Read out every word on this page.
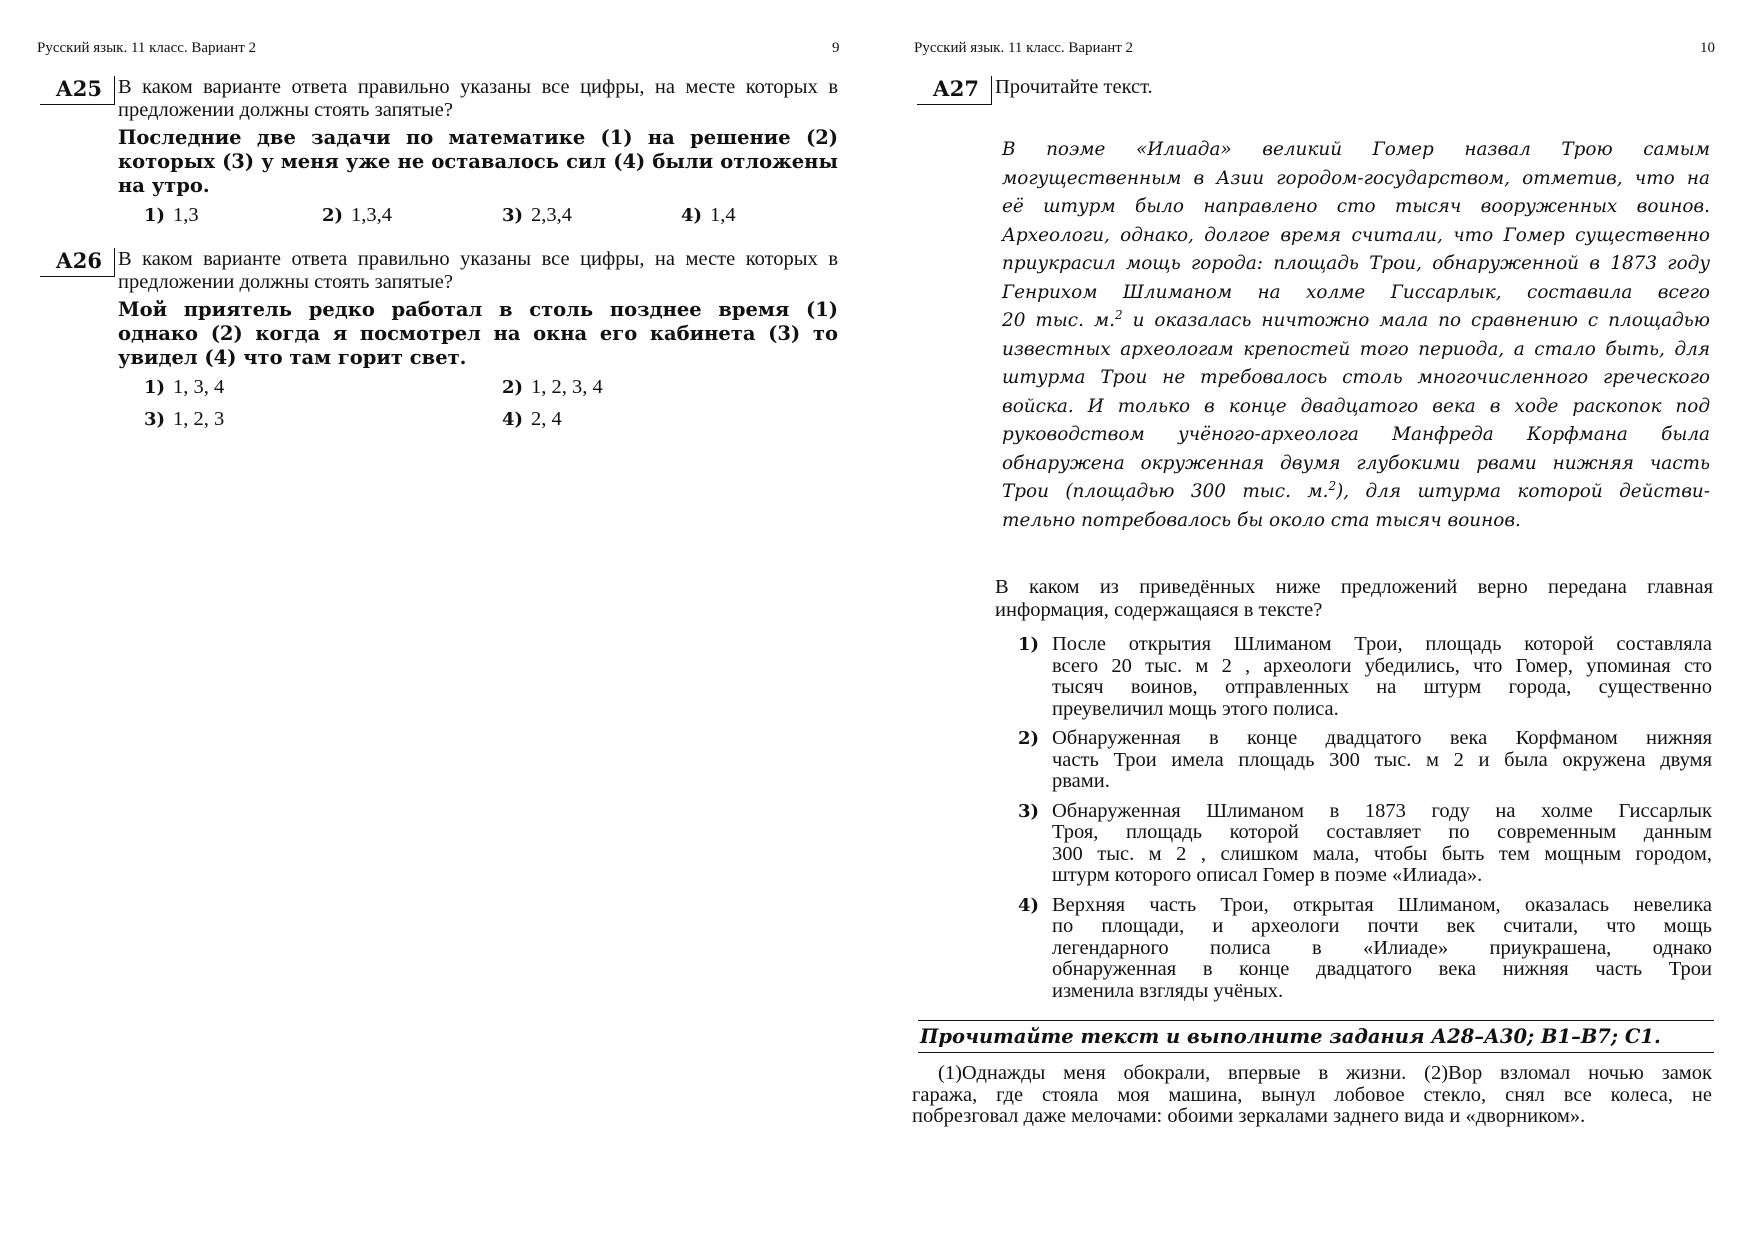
Русский язык. 11 класс. Вариант 2	9
А25 В каком варианте ответа правильно указаны все цифры, на месте которых в предложении должны стоять запятые?

Последние две задачи по математике (1) на решение (2) которых (3) у меня уже не оставалось сил (4) были отложены на утро.

1) 1,3	2) 1,3,4	3) 2,3,4	4) 1,4
А26 В каком варианте ответа правильно указаны все цифры, на месте которых в предложении должны стоять запятые?

Мой приятель редко работал в столь позднее время (1) однако (2) когда я посмотрел на окна его кабинета (3) то увидел (4) что там горит свет.

1) 1, 3, 4	2) 1, 2, 3, 4
3) 1, 2, 3	4) 2, 4
Русский язык. 11 класс. Вариант 2	10
А27 Прочитайте текст.

В поэме «Илиада» великий Гомер назвал Трою самым
могущественным в Азии городом-государством, отметив, что на
её штурм было направлено сто тысяч вооруженных воинов.
Археологи, однако, долгое время считали, что Гомер существенно
приукрасил мощь города: площадь Трои, обнаруженной в 1873 году
Генрихом Шлиманом на холме Гиссарлык, составила всего
20 тыс. м.$^2$ и оказалась ничтожно мала по сравнению с площадью
известных археологам крепостей того периода, а стало быть, для
штурма Трои не требовалось столь многочисленного греческого
войска. И только в конце двадцатого века в ходе раскопок под
руководством учёного-археолога Манфреда Корфмана была
обнаружена окруженная двумя глубокими рвами нижняя часть
Трои (площадью 300 тыс. м.$^2$), для штурма которой действи-
тельно потребовалось бы около ста тысяч воинов.
В каком из приведённых ниже предложений верно передана главная
информация, содержащаяся в тексте?
1) После открытия Шлиманом Трои, площадь которой составляла
всего 20 тыс. м 2 , археологи убедились, что Гомер, упоминая сто
тысяч воинов, отправленных на штурм города, существенно
преувеличил мощь этого полиса.
2) Обнаруженная в конце двадцатого века Корфманом нижняя
часть Трои имела площадь 300 тыс. м 2 и была окружена двумя
рвами.
3) Обнаруженная Шлиманом в 1873 году на холме Гиссарлык
Троя, площадь которой составляет по современным данным
300 тыс. м 2 , слишком мала, чтобы быть тем мощным городом,
штурм которого описал Гомер в поэме «Илиада».
4) Верхняя часть Трои, открытая Шлиманом, оказалась невелика
по площади, и археологи почти век считали, что мощь
легендарного полиса в «Илиаде» приукрашена, однако
обнаруженная в конце двадцатого века нижняя часть Трои
изменила взгляды учёных.
Прочитайте текст и выполните задания А28–А30; В1–В7; С1.
(1)Однажды меня обокрали, впервые в жизни. (2)Вор взломал ночью замок
гаража, где стояла моя машина, вынул лобовое стекло, снял все колеса, не
побрезговал даже мелочами: обоими зеркалами заднего вида и «дворником».
